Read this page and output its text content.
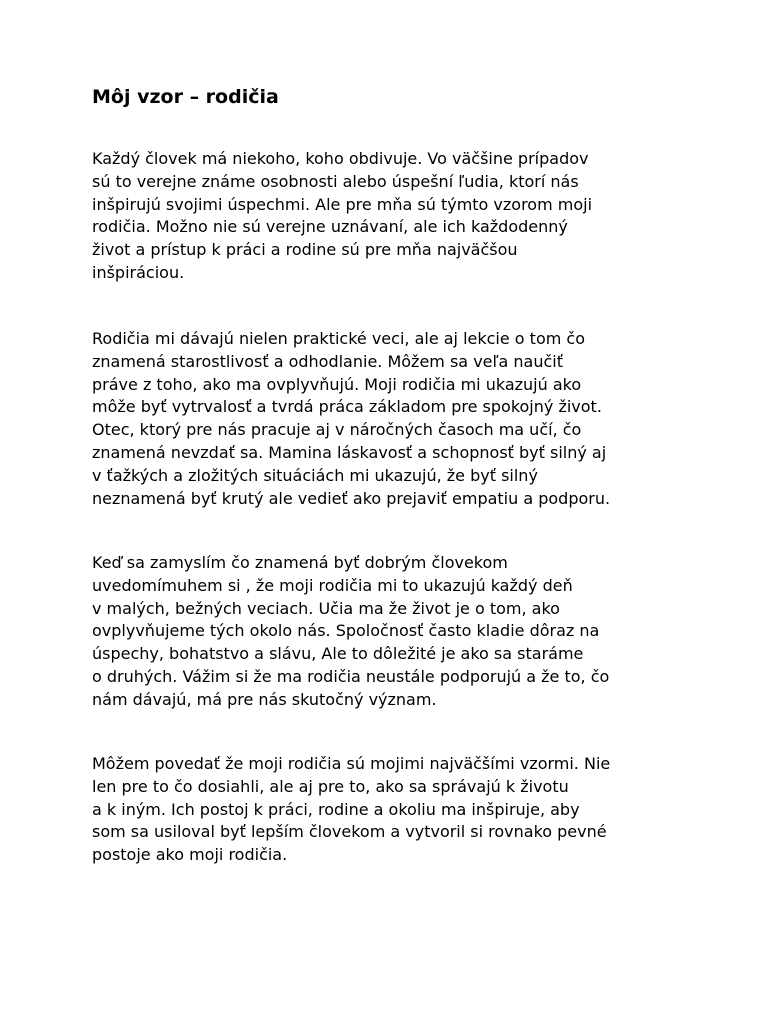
Môj vzor – rodičia

Každý človek má niekoho, koho obdivuje. Vo väčšine prípadov
sú to verejne známe osobnosti alebo úspešní ľudia, ktorí nás
inšpirujú svojimi úspechmi. Ale pre mňa sú týmto vzorom moji
rodičia. Možno nie sú verejne uznávaní, ale ich každodenný
život a prístup k práci a rodine sú pre mňa najväčšou
inšpiráciou.

Rodičia mi dávajú nielen praktické veci, ale aj lekcie o tom čo
znamená starostlivosť a odhodlanie. Môžem sa veľa naučiť
práve z toho, ako ma ovplyvňujú. Moji rodičia mi ukazujú ako
môže byť vytrvalosť a tvrdá práca základom pre spokojný život.
Otec, ktorý pre nás pracuje aj v náročných časoch ma učí, čo
znamená nevzdať sa. Mamina láskavosť a schopnosť byť silný aj
v ťažkých a zložitých situáciách mi ukazujú, že byť silný
neznamená byť krutý ale vedieť ako prejaviť empatiu a podporu.

Keď sa zamyslím čo znamená byť dobrým človekom
uvedomímuhem si , že moji rodičia mi to ukazujú každý deň
v malých, bežných veciach. Učia ma že život je o tom, ako
ovplyvňujeme tých okolo nás. Spoločnosť často kladie dôraz na
úspechy, bohatstvo a slávu, Ale to dôležité je ako sa staráme
o druhých. Vážim si že ma rodičia neustále podporujú a že to, čo
nám dávajú, má pre nás skutočný význam.

Môžem povedať že moji rodičia sú mojimi najväčšími vzormi. Nie
len pre to čo dosiahli, ale aj pre to, ako sa správajú k životu
a k iným. Ich postoj k práci, rodine a okoliu ma inšpiruje, aby
som sa usiloval byť lepším človekom a vytvoril si rovnako pevné
postoje ako moji rodičia.
